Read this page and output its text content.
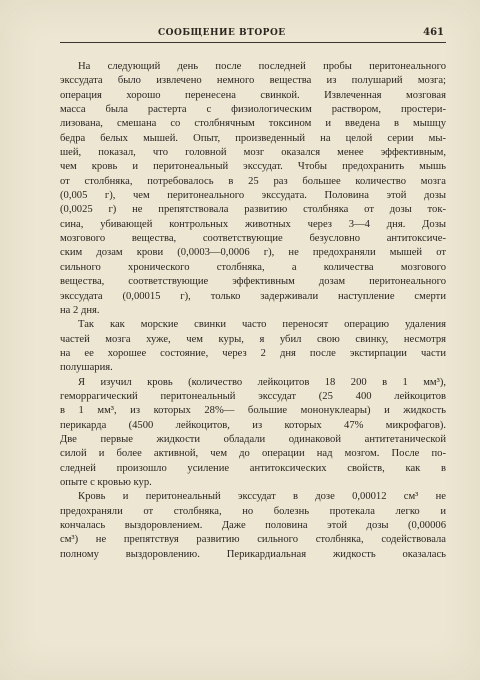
СООБЩЕНИЕ ВТОРОЕ	461
На следующий день после последней пробы перитонеального
экссудата было извлечено немного вещества из полушарий мозга;
операция хорошо перенесена свинкой. Извлеченная мозговая
масса была растерта с физиологическим раствором, простери-
лизована, смешана со столбнячным токсином и введена в мышцу
бедра белых мышей. Опыт, произведенный на целой серии мы-
шей, показал, что головной мозг оказался менее эффективным,
чем кровь и перитонеальный экссудат. Чтобы предохранить мышь
от столбняка, потребовалось в 25 раз большее количество мозга
(0,005 г), чем перитонеального экссудата. Половина этой дозы
(0,0025 г) не препятствовала развитию столбняка от дозы ток-
сина, убивающей контрольных животных через 3—4 дня. Дозы
мозгового вещества, соответствующие безусловно антитоксиче-
ским дозам крови (0,0003—0,0006 г), не предохраняли мышей от
сильного хронического столбняка, а количества мозгового
вещества, соответствующие эффективным дозам перитонеального
экссудата (0,00015 г), только задерживали наступление смерти
на 2 дня.
Так как морские свинки часто переносят операцию удаления
частей мозга хуже, чем куры, я убил свою свинку, несмотря
на ее хорошее состояние, через 2 дня после экстирпации части
полушария.
Я изучил кровь (количество лейкоцитов 18 200 в 1 мм³),
геморрагический перитонеальный экссудат (25 400 лейкоцитов
в 1 мм³, из которых 28%— большие мононуклеары) и жидкость
перикарда (4500 лейкоцитов, из которых 47% микрофагов).
Две первые жидкости обладали одинаковой антитетанической
силой и более активной, чем до операции над мозгом. После по-
следней произошло усиление антитоксических свойств, как в
опыте с кровью кур.
Кровь и перитонеальный экссудат в дозе 0,00012 см³ не
предохраняли от столбняка, но болезнь протекала легко и
кончалась выздоровлением. Даже половина этой дозы (0,00006
см³) не препятствуя развитию сильного столбняка, содействовала
полному выздоровлению. Перикардиальная жидкость оказалась
